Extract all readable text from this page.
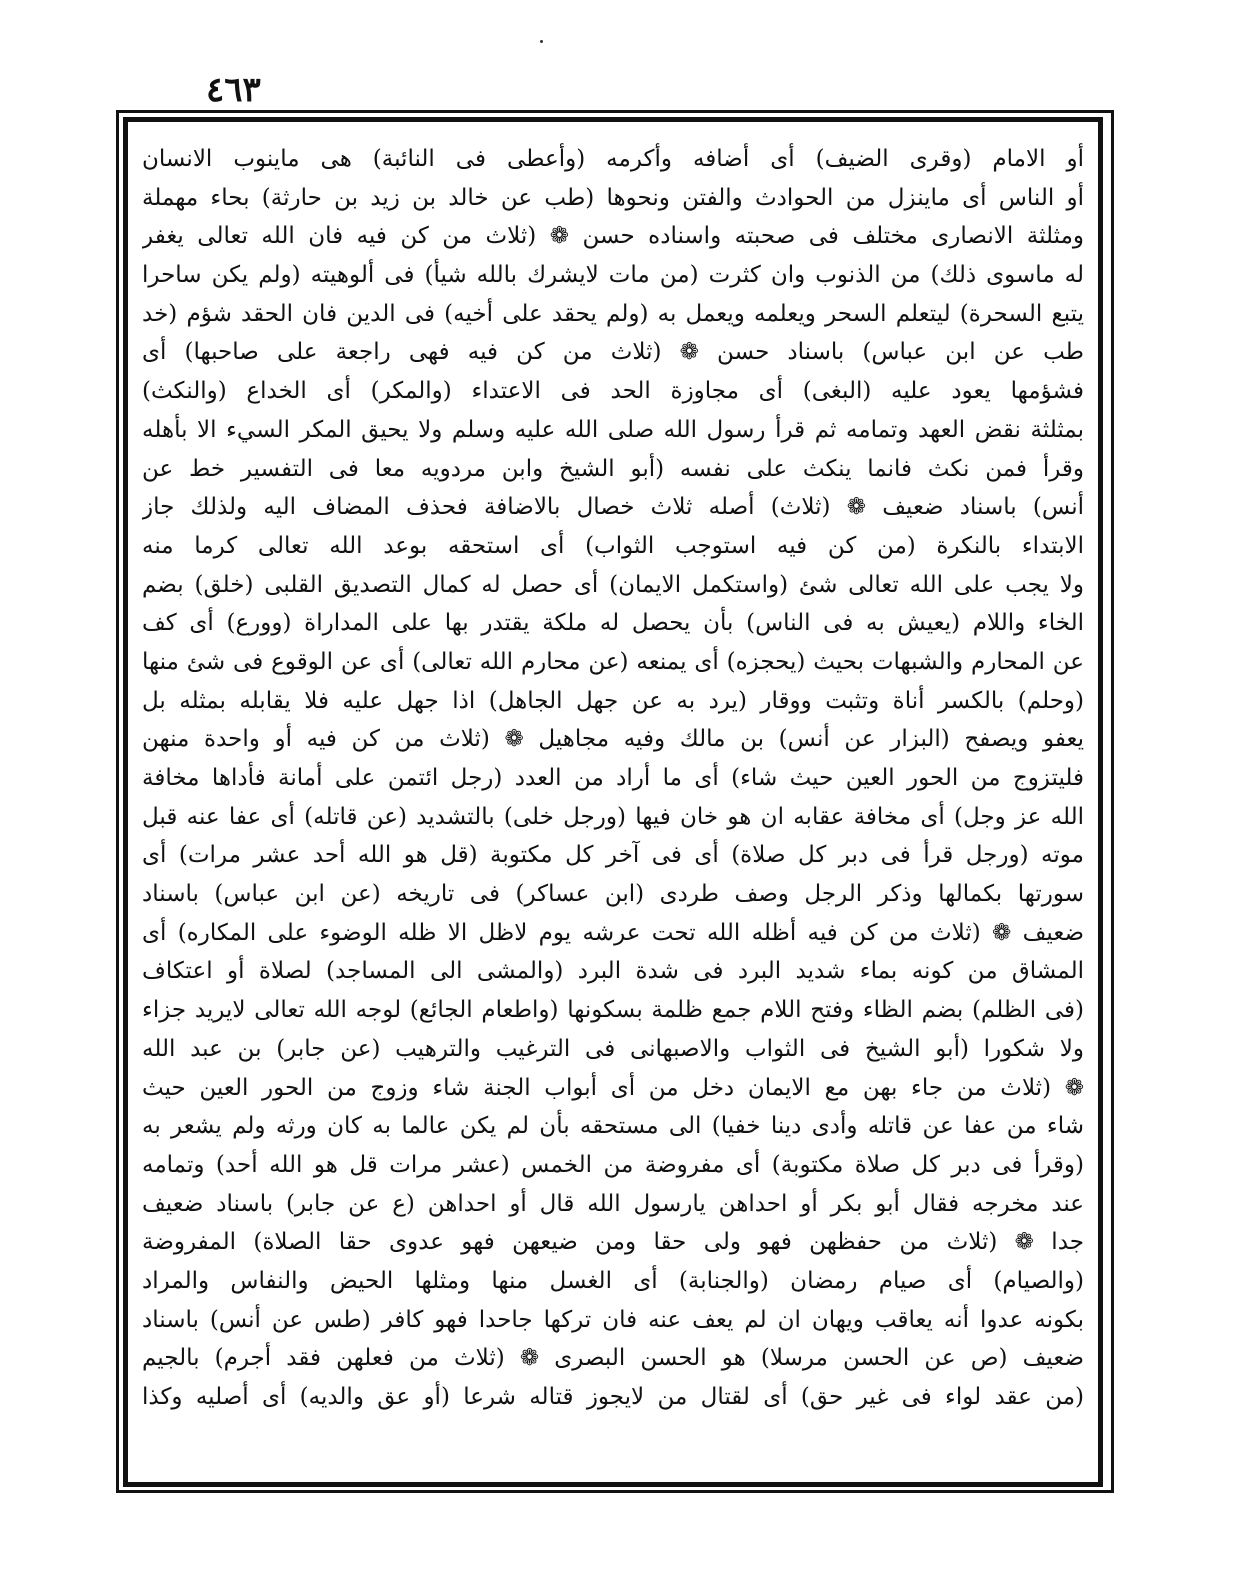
٤٦٣
أو الامام (وقرى الضيف) أى أضافه وأكرمه (وأعطى فى النائبة) هى ماينوب الانسان
أو الناس أى ماينزل من الحوادث والفتن ونحوها (طب عن خالد بن زيد بن حارثة) بحاء مهملة
ومثلثة الانصارى مختلف فى صحبته واسناده حسن ❁ (ثلاث من كن فيه فان الله تعالى يغفر
له ماسوى ذلك) من الذنوب وان كثرت (من مات لايشرك بالله شيأ) فى ألوهيته (ولم يكن ساحرا
يتبع السحرة) ليتعلم السحر ويعلمه ويعمل به (ولم يحقد على أخيه) فى الدين فان الحقد شؤم (خد
طب عن ابن عباس) باسناد حسن ❁ (ثلاث من كن فيه فهى راجعة على صاحبها) أى
فشؤمها يعود عليه (البغى) أى مجاوزة الحد فى الاعتداء (والمكر) أى الخداع (والنكث)
بمثلثة نقض العهد وتمامه ثم قرأ رسول الله صلى الله عليه وسلم ولا يحيق المكر السيء الا بأهله
وقرأ فمن نكث فانما ينكث على نفسه (أبو الشيخ وابن مردويه معا فى التفسير خط عن
أنس) باسناد ضعيف ❁ (ثلاث) أصله ثلاث خصال بالاضافة فحذف المضاف اليه ولذلك جاز
الابتداء بالنكرة (من كن فيه استوجب الثواب) أى استحقه بوعد الله تعالى كرما منه
ولا يجب على الله تعالى شئ (واستكمل الايمان) أى حصل له كمال التصديق القلبى (خلق) بضم
الخاء واللام (يعيش به فى الناس) بأن يحصل له ملكة يقتدر بها على المداراة (وورع) أى كف
عن المحارم والشبهات بحيث (يحجزه) أى يمنعه (عن محارم الله تعالى) أى عن الوقوع فى شئ منها
(وحلم) بالكسر أناة وتثبت ووقار (يرد به عن جهل الجاهل) اذا جهل عليه فلا يقابله بمثله بل
يعفو ويصفح (البزار عن أنس) بن مالك وفيه مجاهيل ❁ (ثلاث من كن فيه أو واحدة منهن
فليتزوج من الحور العين حيث شاء) أى ما أراد من العدد (رجل ائتمن على أمانة فأداها مخافة
الله عز وجل) أى مخافة عقابه ان هو خان فيها (ورجل خلى) بالتشديد (عن قاتله) أى عفا عنه قبل
موته (ورجل قرأ فى دبر كل صلاة) أى فى آخر كل مكتوبة (قل هو الله أحد عشر مرات) أى
سورتها بكمالها وذكر الرجل وصف طردى (ابن عساكر) فى تاريخه (عن ابن عباس) باسناد
ضعيف ❁ (ثلاث من كن فيه أظله الله تحت عرشه يوم لاظل الا ظله الوضوء على المكاره) أى
المشاق من كونه بماء شديد البرد فى شدة البرد (والمشى الى المساجد) لصلاة أو اعتكاف
(فى الظلم) بضم الظاء وفتح اللام جمع ظلمة بسكونها (واطعام الجائع) لوجه الله تعالى لايريد جزاء
ولا شكورا (أبو الشيخ فى الثواب والاصبهانى فى الترغيب والترهيب (عن جابر) بن عبد الله
❁ (ثلاث من جاء بهن مع الايمان دخل من أى أبواب الجنة شاء وزوج من الحور العين حيث
شاء من عفا عن قاتله وأدى دينا خفيا) الى مستحقه بأن لم يكن عالما به كان ورثه ولم يشعر به
(وقرأ فى دبر كل صلاة مكتوبة) أى مفروضة من الخمس (عشر مرات قل هو الله أحد) وتمامه
عند مخرجه فقال أبو بكر أو احداهن يارسول الله قال أو احداهن (ع عن جابر) باسناد ضعيف
جدا ❁ (ثلاث من حفظهن فهو ولى حقا ومن ضيعهن فهو عدوى حقا الصلاة) المفروضة
(والصيام) أى صيام رمضان (والجنابة) أى الغسل منها ومثلها الحيض والنفاس والمراد
بكونه عدوا أنه يعاقب ويهان ان لم يعف عنه فان تركها جاحدا فهو كافر (طس عن أنس) باسناد
ضعيف (ص عن الحسن مرسلا) هو الحسن البصرى ❁ (ثلاث من فعلهن فقد أجرم) بالجيم
(من عقد لواء فى غير حق) أى لقتال من لايجوز قتاله شرعا (أو عق والديه) أى أصليه وكذا
